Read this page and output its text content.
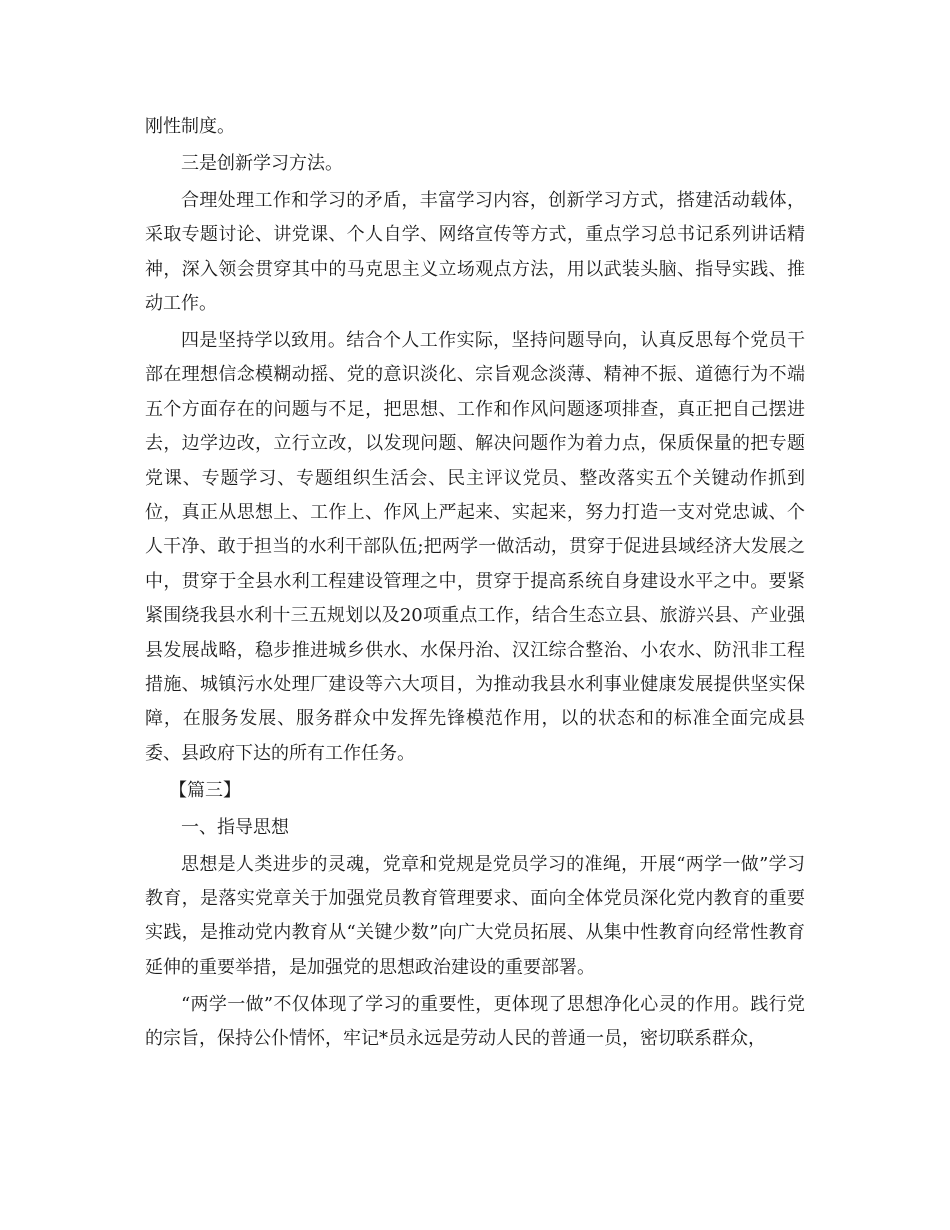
刚性制度。

三是创新学习方法。

合理处理工作和学习的矛盾，丰富学习内容，创新学习方式，搭建活动载体，采取专题讨论、讲党课、个人自学、网络宣传等方式，重点学习总书记系列讲话精神，深入领会贯穿其中的马克思主义立场观点方法，用以武装头脑、指导实践、推动工作。

四是坚持学以致用。结合个人工作实际，坚持问题导向，认真反思每个党员干部在理想信念模糊动摇、党的意识淡化、宗旨观念淡薄、精神不振、道德行为不端五个方面存在的问题与不足，把思想、工作和作风问题逐项排查，真正把自己摆进去，边学边改，立行立改，以发现问题、解决问题作为着力点，保质保量的把专题党课、专题学习、专题组织生活会、民主评议党员、整改落实五个关键动作抓到位，真正从思想上、工作上、作风上严起来、实起来，努力打造一支对党忠诚、个人干净、敢于担当的水利干部队伍;把两学一做活动，贯穿于促进县域经济大发展之中，贯穿于全县水利工程建设管理之中，贯穿于提高系统自身建设水平之中。要紧紧围绕我县水利十三五规划以及20项重点工作，结合生态立县、旅游兴县、产业强县发展战略，稳步推进城乡供水、水保丹治、汉江综合整治、小农水、防汛非工程措施、城镇污水处理厂建设等六大项目，为推动我县水利事业健康发展提供坚实保障，在服务发展、服务群众中发挥先锋模范作用，以的状态和的标准全面完成县委、县政府下达的所有工作任务。

【篇三】

一、指导思想

思想是人类进步的灵魂，党章和党规是党员学习的准绳，开展“两学一做”学习教育，是落实党章关于加强党员教育管理要求、面向全体党员深化党内教育的重要实践，是推动党内教育从“关键少数”向广大党员拓展、从集中性教育向经常性教育延伸的重要举措，是加强党的思想政治建设的重要部署。

“两学一做”不仅体现了学习的重要性，更体现了思想净化心灵的作用。践行党的宗旨，保持公仆情怀，牢记*员永远是劳动人民的普通一员，密切联系群众，
